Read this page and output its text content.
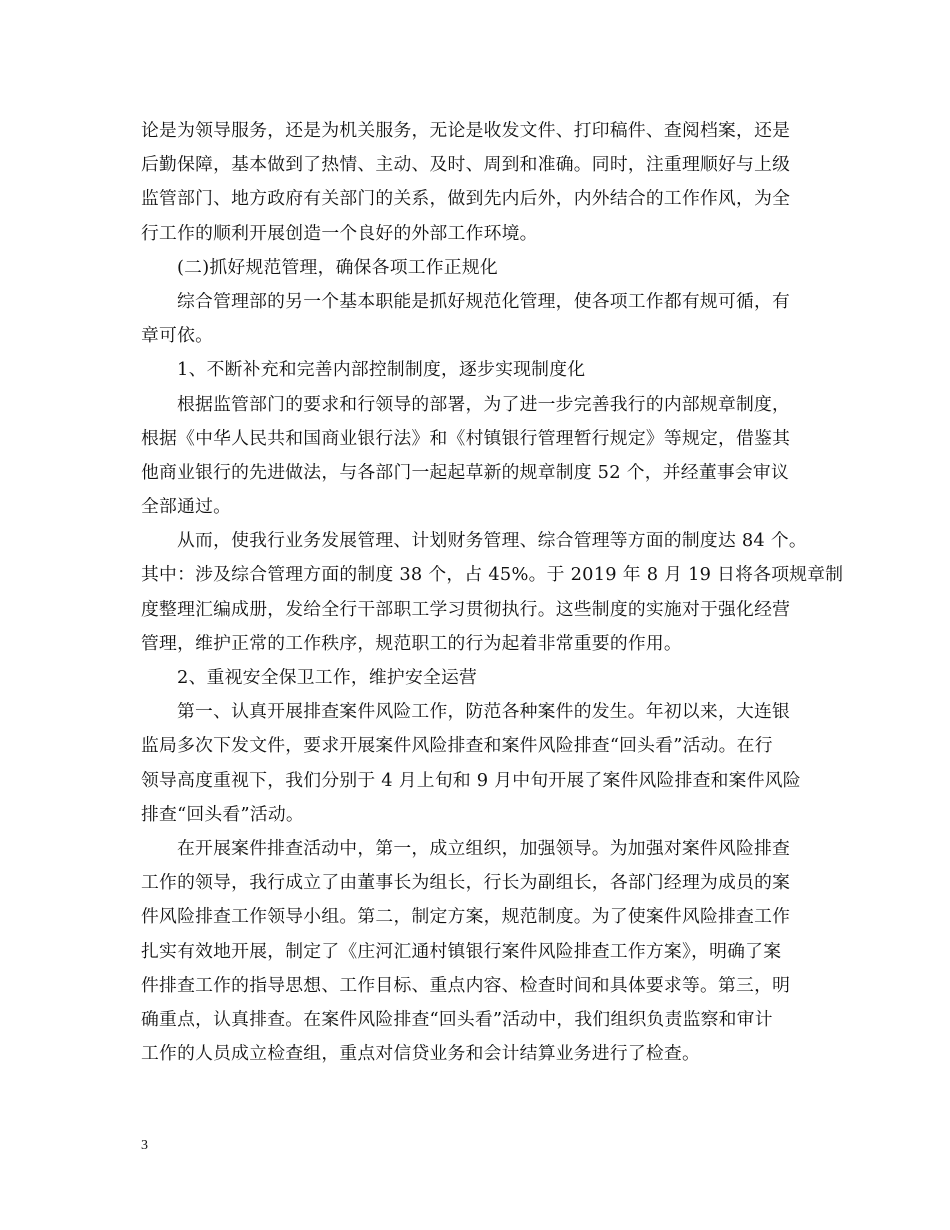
论是为领导服务，还是为机关服务，无论是收发文件、打印稿件、查阅档案，还是
后勤保障，基本做到了热情、主动、及时、周到和准确。同时，注重理顺好与上级
监管部门、地方政府有关部门的关系，做到先内后外，内外结合的工作作风，为全
行工作的顺利开展创造一个良好的外部工作环境。
(二)抓好规范管理，确保各项工作正规化
综合管理部的另一个基本职能是抓好规范化管理，使各项工作都有规可循，有
章可依。
1、不断补充和完善内部控制制度，逐步实现制度化
根据监管部门的要求和行领导的部署，为了进一步完善我行的内部规章制度，
根据《中华人民共和国商业银行法》和《村镇银行管理暂行规定》等规定，借鉴其
他商业银行的先进做法，与各部门一起起草新的规章制度 52 个，并经董事会审议
全部通过。
从而，使我行业务发展管理、计划财务管理、综合管理等方面的制度达 84 个。
其中：涉及综合管理方面的制度 38 个，占 45%。于 2019 年 8 月 19 日将各项规章制
度整理汇编成册，发给全行干部职工学习贯彻执行。这些制度的实施对于强化经营
管理，维护正常的工作秩序，规范职工的行为起着非常重要的作用。
2、重视安全保卫工作，维护安全运营
第一、认真开展排查案件风险工作，防范各种案件的发生。年初以来，大连银
监局多次下发文件，要求开展案件风险排查和案件风险排查“回头看”活动。在行
领导高度重视下，我们分别于 4 月上旬和 9 月中旬开展了案件风险排查和案件风险
排查“回头看”活动。
在开展案件排查活动中，第一，成立组织，加强领导。为加强对案件风险排查
工作的领导，我行成立了由董事长为组长，行长为副组长，各部门经理为成员的案
件风险排查工作领导小组。第二，制定方案，规范制度。为了使案件风险排查工作
扎实有效地开展，制定了《庄河汇通村镇银行案件风险排查工作方案》，明确了案
件排查工作的指导思想、工作目标、重点内容、检查时间和具体要求等。第三，明
确重点，认真排查。在案件风险排查“回头看”活动中，我们组织负责监察和审计
工作的人员成立检查组，重点对信贷业务和会计结算业务进行了检查。
3
